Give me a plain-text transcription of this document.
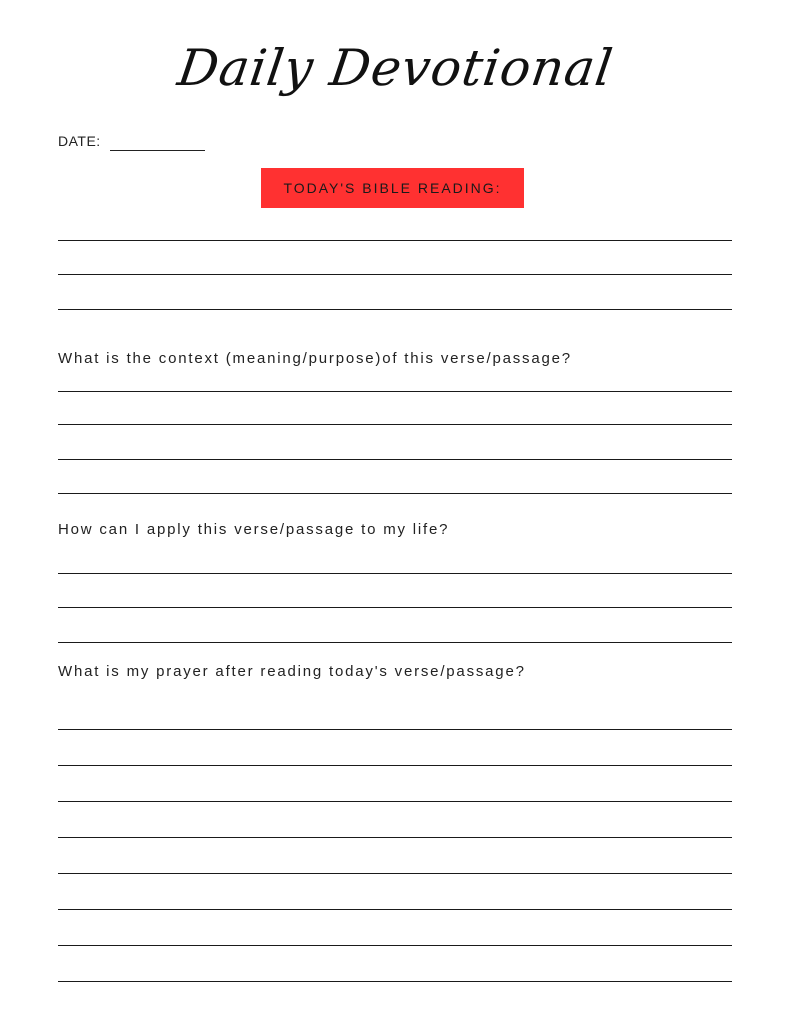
Daily Devotional
DATE:
TODAY'S BIBLE READING:
What is the context (meaning/purpose)of this verse/passage?
How can I apply this verse/passage to my life?
What is my prayer after reading today's verse/passage?
